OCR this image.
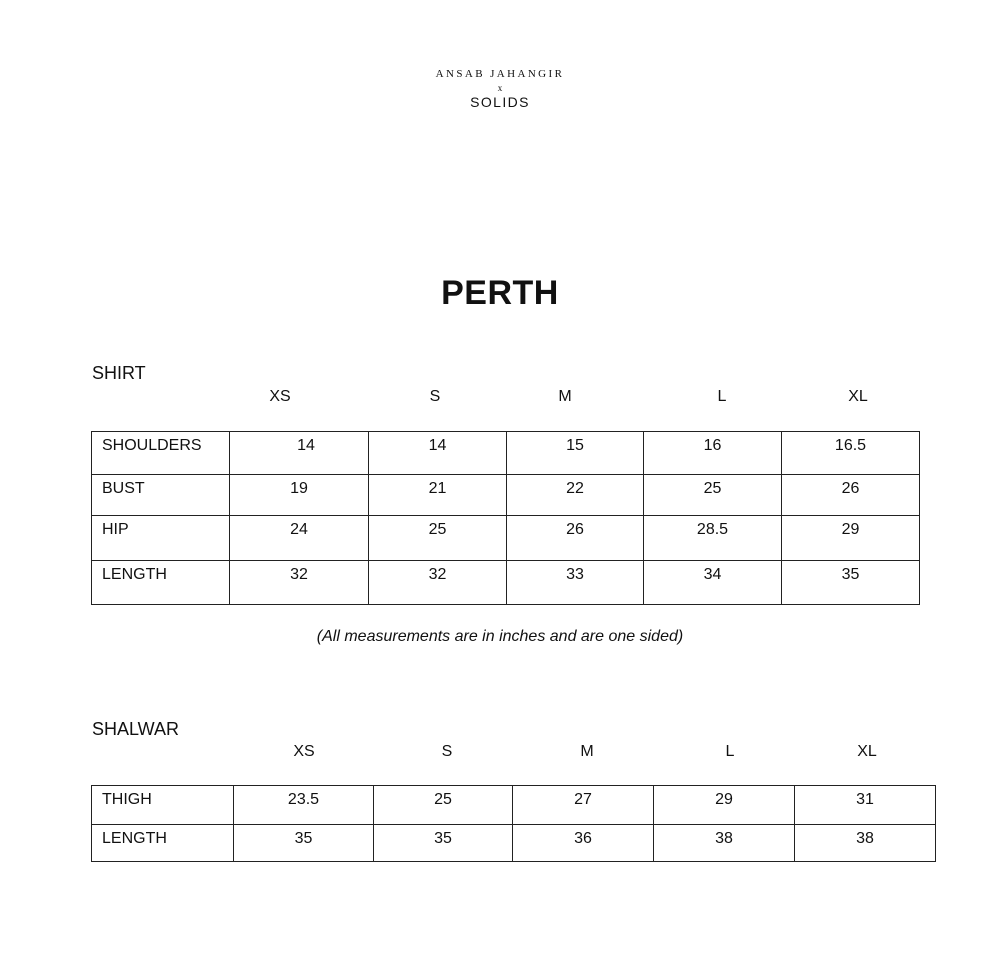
ANSAB JAHANGIR
x
SOLIDS
PERTH
SHIRT
XS	S	M	L	XL
SHOULDERS	14	14	15	16	16.5
BUST	19	21	22	25	26
HIP	24	25	26	28.5	29
LENGTH	32	32	33	34	35
(All measurements are in inches and are one sided)
SHALWAR
XS	S	M	L	XL
THIGH	23.5	25	27	29	31
LENGTH	35	35	36	38	38
